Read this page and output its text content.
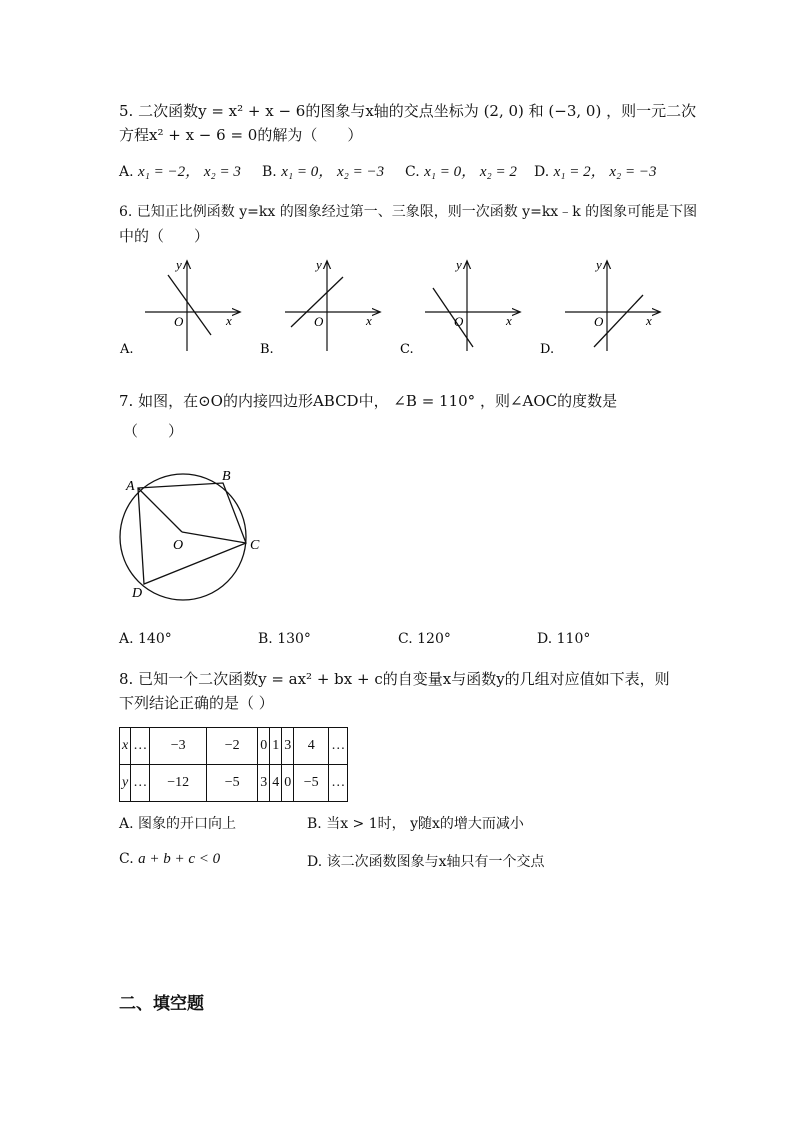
5. 二次函数y = x² + x − 6的图象与x轴的交点坐标为 (2, 0) 和 (−3, 0) ，则一元二次
方程x² + x − 6 = 0的解为（　　）
A. x₁ = −2， x₂ = 3 B. x₁ = 0， x₂ = −3 C. x₁ = 0， x₂ = 2 D. x₁ = 2， x₂ = −3
6. 已知正比例函数 y=kx 的图象经过第一、三象限，则一次函数 y=kx﹣k 的图象可能是下图
中的（　　）
y
x
O
A.
y
x
O
B.
y
x
O
C.
y
x
O
D.
7. 如图，在⊙O的内接四边形ABCD中， ∠B = 110° ，则∠AOC的度数是
（　　）
A
B
C
D
O
A. 140°	B. 130°	C. 120°	D. 110°
8. 已知一个二次函数y = ax² + bx + c的自变量x与函数y的几组对应值如下表，则
下列结论正确的是（ ）
x	…	−3	−2	0	1	3	4	…
y	…	−12	−5	3	4	0	−5	…
A. 图象的开口向上	B. 当x > 1时， y随x的增大而减小
C. a + b + c < 0	D. 该二次函数图象与x轴只有一个交点
二、填空题
